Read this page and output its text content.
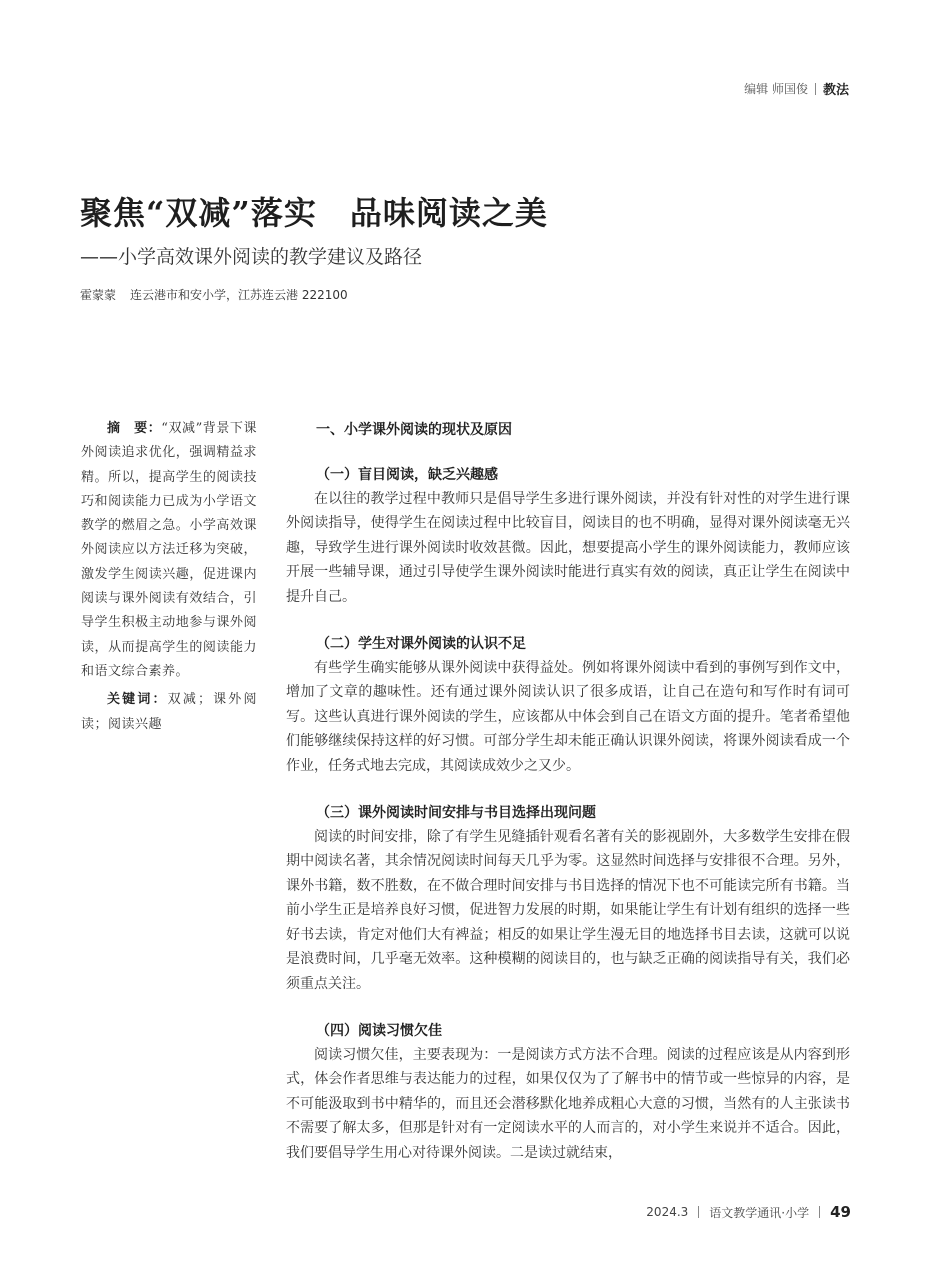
编辑 师国俊 教法
聚焦“双减”落实　品味阅读之美
——小学高效课外阅读的教学建议及路径
霍蒙蒙 连云港市和安小学，江苏连云港 222100

摘　要：“双减”背景下课外阅读追求优化，强调精益求精。所以，提高学生的阅读技巧和阅读能力已成为小学语文教学的燃眉之急。小学高效课外阅读应以方法迁移为突破，激发学生阅读兴趣，促进课内阅读与课外阅读有效结合，引导学生积极主动地参与课外阅读，从而提高学生的阅读能力和语文综合素养。

关键词：双减；课外阅读；阅读兴趣

一、小学课外阅读的现状及原因
（一）盲目阅读，缺乏兴趣感

在以往的教学过程中教师只是倡导学生多进行课外阅读，并没有针对性的对学生进行课外阅读指导，使得学生在阅读过程中比较盲目，阅读目的也不明确，显得对课外阅读毫无兴趣，导致学生进行课外阅读时收效甚微。因此，想要提高小学生的课外阅读能力，教师应该开展一些辅导课，通过引导使学生课外阅读时能进行真实有效的阅读，真正让学生在阅读中提升自己。

（二）学生对课外阅读的认识不足

有些学生确实能够从课外阅读中获得益处。例如将课外阅读中看到的事例写到作文中，增加了文章的趣味性。还有通过课外阅读认识了很多成语，让自己在造句和写作时有词可写。这些认真进行课外阅读的学生，应该都从中体会到自己在语文方面的提升。笔者希望他们能够继续保持这样的好习惯。可部分学生却未能正确认识课外阅读，将课外阅读看成一个作业，任务式地去完成，其阅读成效少之又少。

（三）课外阅读时间安排与书目选择出现问题

阅读的时间安排，除了有学生见缝插针观看名著有关的影视剧外，大多数学生安排在假期中阅读名著，其余情况阅读时间每天几乎为零。这显然时间选择与安排很不合理。另外，课外书籍，数不胜数，在不做合理时间安排与书目选择的情况下也不可能读完所有书籍。当前小学生正是培养良好习惯，促进智力发展的时期，如果能让学生有计划有组织的选择一些好书去读，肯定对他们大有裨益；相反的如果让学生漫无目的地选择书目去读，这就可以说是浪费时间，几乎毫无效率。这种模糊的阅读目的，也与缺乏正确的阅读指导有关，我们必须重点关注。

（四）阅读习惯欠佳

阅读习惯欠佳，主要表现为：一是阅读方式方法不合理。阅读的过程应该是从内容到形式，体会作者思维与表达能力的过程，如果仅仅为了了解书中的情节或一些惊异的内容，是不可能汲取到书中精华的，而且还会潜移默化地养成粗心大意的习惯，当然有的人主张读书不需要了解太多，但那是针对有一定阅读水平的人而言的，对小学生来说并不适合。因此，我们要倡导学生用心对待课外阅读。二是读过就结束，

2024.3 语文教学通讯·小学 49
